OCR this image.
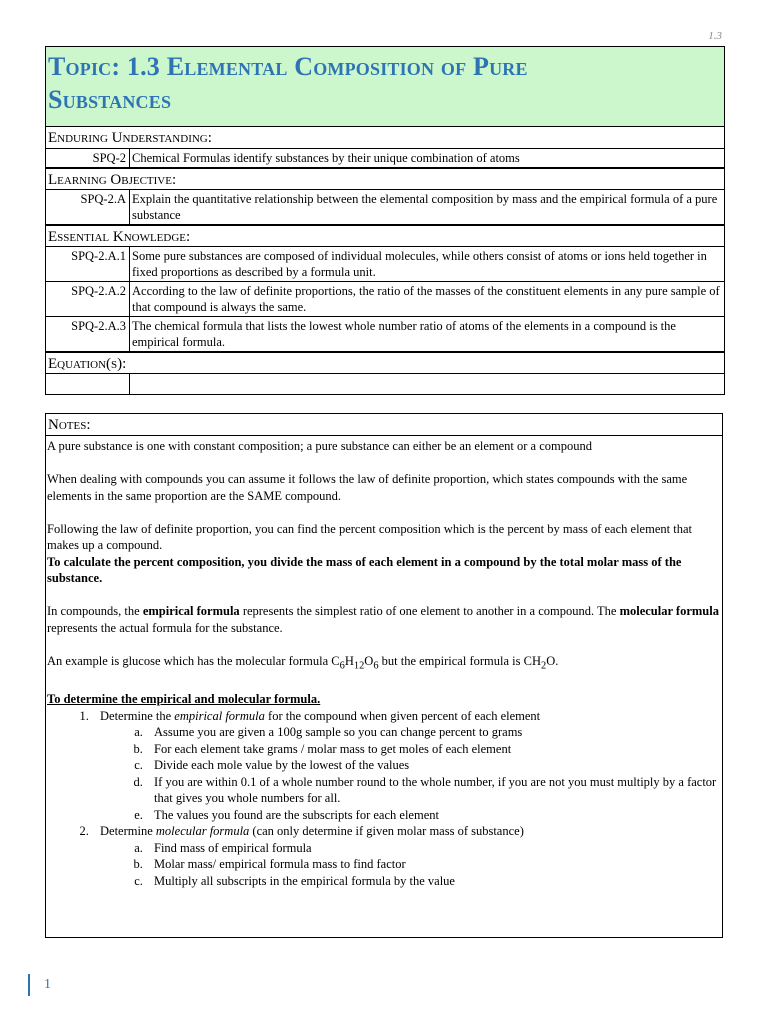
1.3
Topic: 1.3 Elemental Composition of Pure
Substances
Enduring Understanding:
SPQ-2 Chemical Formulas identify substances by their unique combination of atoms
Learning Objective:
SPQ-2.A Explain the quantitative relationship between the elemental composition by mass and the empirical formula of a pure substance
Essential Knowledge:
SPQ-2.A.1 Some pure substances are composed of individual molecules, while others consist of atoms or ions held together in fixed proportions as described by a formula unit.
SPQ-2.A.2 According to the law of definite proportions, the ratio of the masses of the constituent elements in any pure sample of that compound is always the same.
SPQ-2.A.3 The chemical formula that lists the lowest whole number ratio of atoms of the elements in a compound is the empirical formula.
Equation(s):
Notes:

A pure substance is one with constant composition; a pure substance can either be an element or a compound

When dealing with compounds you can assume it follows the law of definite proportion, which states compounds with the same elements in the same proportion are the SAME compound.

Following the law of definite proportion, you can find the percent composition which is the percent by mass of each element that makes up a compound.

To calculate the percent composition, you divide the mass of each element in a compound by the total molar mass of the substance.

In compounds, the empirical formula represents the simplest ratio of one element to another in a compound. The molecular formula represents the actual formula for the substance.

An example is glucose which has the molecular formula $C_6H_{12}O_6$ but the empirical formula is $CH_2O$.

To determine the empirical and molecular formula.

1. Determine the empirical formula for the compound when given percent of each element
a. Assume you are given a 100g sample so you can change percent to grams
b. For each element take grams / molar mass to get moles of each element
c. Divide each mole value by the lowest of the values
d. If you are within 0.1 of a whole number round to the whole number, if you are not you must multiply by a factor that gives you whole numbers for all.
e. The values you found are the subscripts for each element
2. Determine molecular formula (can only determine if given molar mass of substance)
a. Find mass of empirical formula
b. Molar mass/ empirical formula mass to find factor
c. Multiply all subscripts in the empirical formula by the value
1
